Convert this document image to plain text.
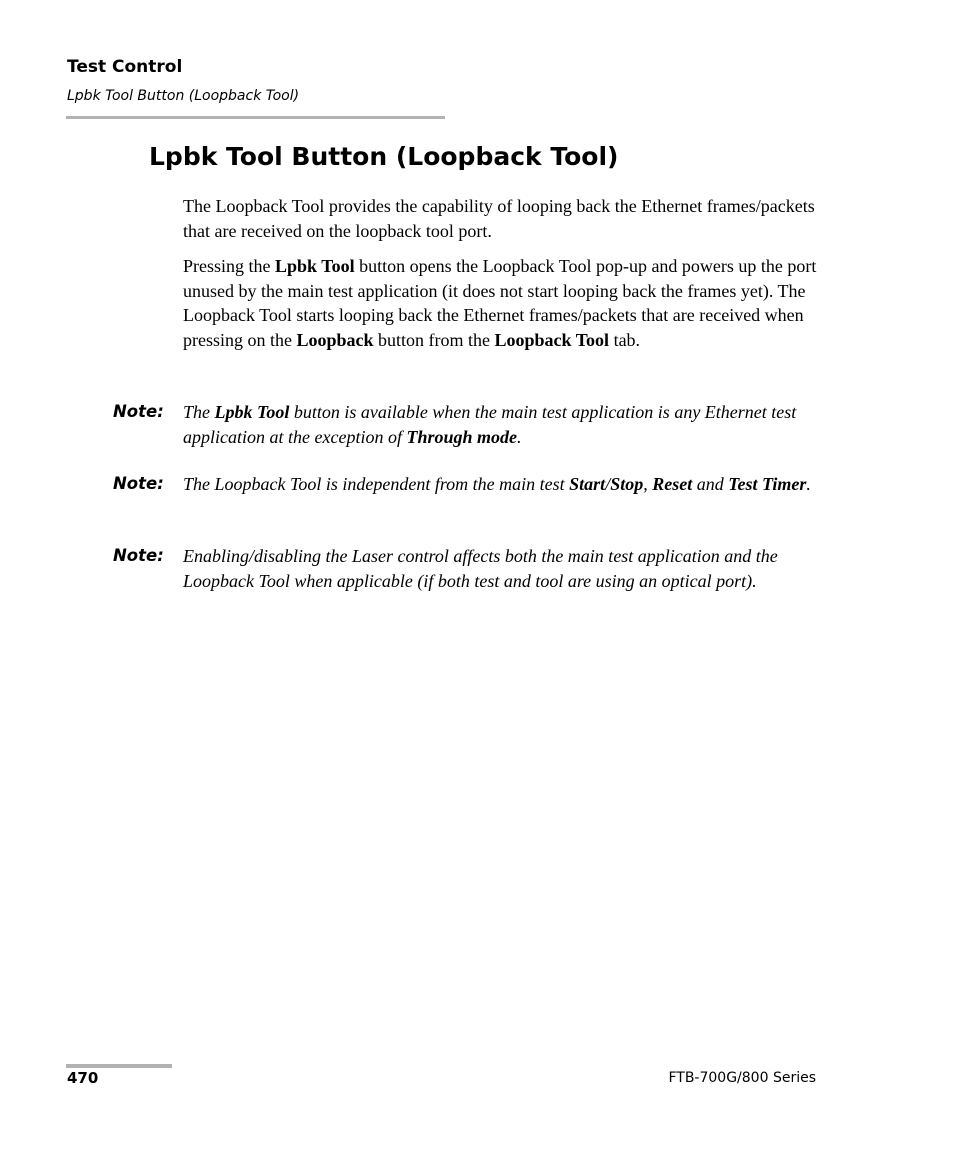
Test Control
Lpbk Tool Button (Loopback Tool)
Lpbk Tool Button (Loopback Tool)

The Loopback Tool provides the capability of looping back the Ethernet frames/packets that are received on the loopback tool port.

Pressing the Lpbk Tool button opens the Loopback Tool pop-up and powers up the port unused by the main test application (it does not start looping back the frames yet). The Loopback Tool starts looping back the Ethernet frames/packets that are received when pressing on the Loopback button from the Loopback Tool tab.

Note: The Lpbk Tool button is available when the main test application is any Ethernet test application at the exception of Through mode.

Note: The Loopback Tool is independent from the main test Start/Stop, Reset and Test Timer.

Note: Enabling/disabling the Laser control affects both the main test application and the Loopback Tool when applicable (if both test and tool are using an optical port).

470	FTB-700G/800 Series
